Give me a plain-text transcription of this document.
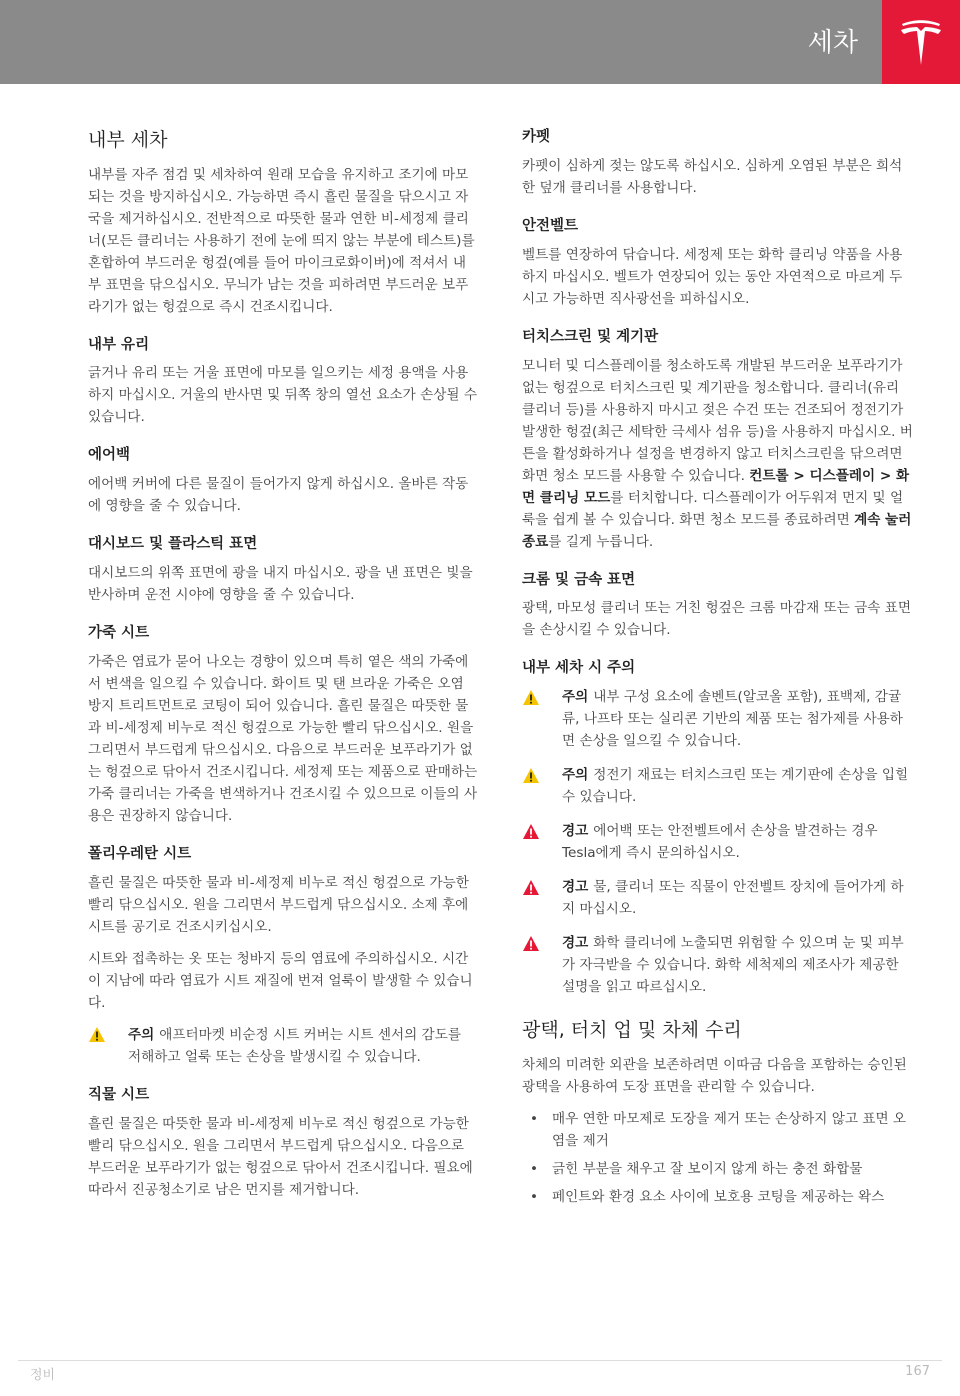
세차
내부 세차

내부를 자주 점검 및 세차하여 원래 모습을 유지하고 조기에 마모되는 것을 방지하십시오. 가능하면 즉시 흘린 물질을 닦으시고 자국을 제거하십시오. 전반적으로 따뜻한 물과 연한 비-세정제 클리너(모든 클리너는 사용하기 전에 눈에 띄지 않는 부분에 테스트)를 혼합하여 부드러운 헝겊(예를 들어 마이크로화이버)에 적셔서 내부 표면을 닦으십시오. 무늬가 남는 것을 피하려면 부드러운 보푸라기가 없는 헝겊으로 즉시 건조시킵니다.

내부 유리

긁거나 유리 또는 거울 표면에 마모를 일으키는 세정 용액을 사용하지 마십시오. 거울의 반사면 및 뒤쪽 창의 열선 요소가 손상될 수 있습니다.

에어백

에어백 커버에 다른 물질이 들어가지 않게 하십시오. 올바른 작동에 영향을 줄 수 있습니다.

대시보드 및 플라스틱 표면

대시보드의 위쪽 표면에 광을 내지 마십시오. 광을 낸 표면은 빛을 반사하며 운전 시야에 영향을 줄 수 있습니다.

가죽 시트

가죽은 염료가 묻어 나오는 경향이 있으며 특히 옅은 색의 가죽에서 변색을 일으킬 수 있습니다. 화이트 및 탠 브라운 가죽은 오염 방지 트리트먼트로 코팅이 되어 있습니다. 흘린 물질은 따뜻한 물과 비-세정제 비누로 적신 헝겊으로 가능한 빨리 닦으십시오. 원을 그리면서 부드럽게 닦으십시오. 다음으로 부드러운 보푸라기가 없는 헝겊으로 닦아서 건조시킵니다. 세정제 또는 제품으로 판매하는 가죽 클리너는 가죽을 변색하거나 건조시킬 수 있으므로 이들의 사용은 권장하지 않습니다.

폴리우레탄 시트

흘린 물질은 따뜻한 물과 비-세정제 비누로 적신 헝겊으로 가능한 빨리 닦으십시오. 원을 그리면서 부드럽게 닦으십시오. 소제 후에 시트를 공기로 건조시키십시오.

시트와 접촉하는 옷 또는 청바지 등의 염료에 주의하십시오. 시간이 지남에 따라 염료가 시트 재질에 번져 얼룩이 발생할 수 있습니다.

주의 애프터마켓 비순정 시트 커버는 시트 센서의 감도를 저해하고 얼룩 또는 손상을 발생시킬 수 있습니다.
직물 시트

흘린 물질은 따뜻한 물과 비-세정제 비누로 적신 헝겊으로 가능한 빨리 닦으십시오. 원을 그리면서 부드럽게 닦으십시오. 다음으로 부드러운 보푸라기가 없는 헝겊으로 닦아서 건조시킵니다. 필요에 따라서 진공청소기로 남은 먼지를 제거합니다.

카펫

카펫이 심하게 젖는 않도록 하십시오. 심하게 오염된 부분은 희석한 덮개 클리너를 사용합니다.

안전벨트

벨트를 연장하여 닦습니다. 세정제 또는 화학 클리닝 약품을 사용하지 마십시오. 벨트가 연장되어 있는 동안 자연적으로 마르게 두시고 가능하면 직사광선을 피하십시오.

터치스크린 및 계기판

모니터 및 디스플레이를 청소하도록 개발된 부드러운 보푸라기가 없는 헝겊으로 터치스크린 및 계기판을 청소합니다. 클리너(유리 클리너 등)를 사용하지 마시고 젖은 수건 또는 건조되어 정전기가 발생한 헝겊(최근 세탁한 극세사 섬유 등)을 사용하지 마십시오. 버튼을 활성화하거나 설정을 변경하지 않고 터치스크린을 닦으려면 화면 청소 모드를 사용할 수 있습니다. 컨트롤 > 디스플레이 > 화면 클리닝 모드를 터치합니다. 디스플레이가 어두워져 먼지 및 얼룩을 쉽게 볼 수 있습니다. 화면 청소 모드를 종료하려면 계속 눌러 종료를 길게 누릅니다.

크롬 및 금속 표면

광택, 마모성 클리너 또는 거친 헝겊은 크롬 마감재 또는 금속 표면을 손상시킬 수 있습니다.

내부 세차 시 주의
주의 내부 구성 요소에 솔벤트(알코올 포함), 표백제, 감귤류, 나프타 또는 실리콘 기반의 제품 또는 첨가제를 사용하면 손상을 일으킬 수 있습니다.
주의 정전기 재료는 터치스크린 또는 계기판에 손상을 입힐 수 있습니다.
경고 에어백 또는 안전벨트에서 손상을 발견하는 경우 Tesla에게 즉시 문의하십시오.
경고 물, 클리너 또는 직물이 안전벨트 장치에 들어가게 하지 마십시오.
경고 화학 클리너에 노출되면 위험할 수 있으며 눈 및 피부가 자극받을 수 있습니다. 화학 세척제의 제조사가 제공한 설명을 읽고 따르십시오.
광택, 터치 업 및 차체 수리

차체의 미려한 외관을 보존하려면 이따금 다음을 포함하는 승인된 광택을 사용하여 도장 표면을 관리할 수 있습니다.

• 매우 연한 마모제로 도장을 제거 또는 손상하지 않고 표면 오염을 제거
• 긁힌 부분을 채우고 잘 보이지 않게 하는 충전 화합물
• 페인트와 환경 요소 사이에 보호용 코팅을 제공하는 왁스
정비	167
